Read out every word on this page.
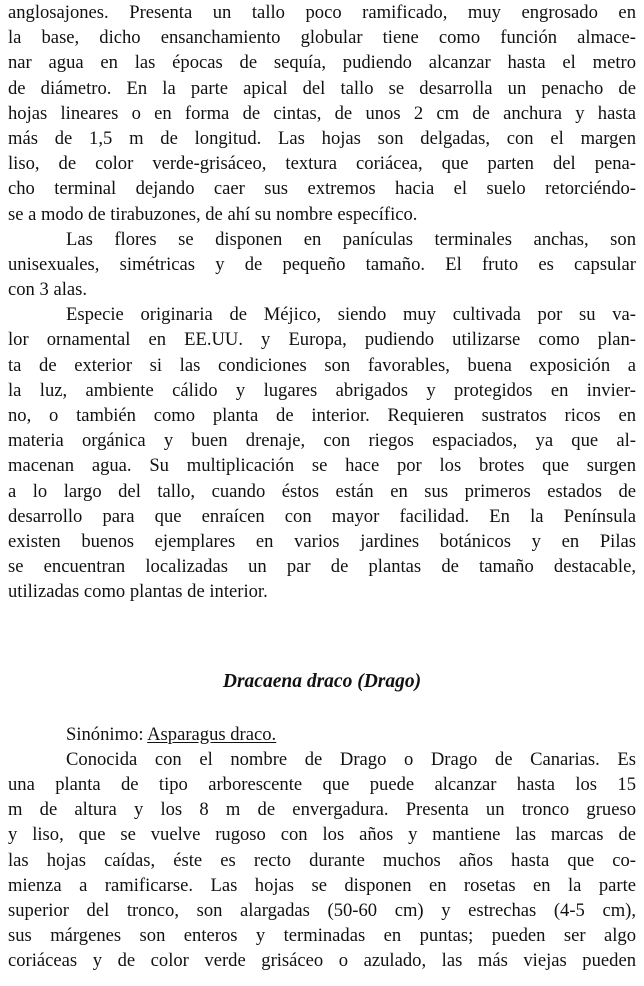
anglosajones. Presenta un tallo poco ramificado, muy engrosado en
la base, dicho ensanchamiento globular tiene como función almace-
nar agua en las épocas de sequía, pudiendo alcanzar hasta el metro
de diámetro. En la parte apical del tallo se desarrolla un penacho de
hojas lineares o en forma de cintas, de unos 2 cm de anchura y hasta
más de 1,5 m de longitud. Las hojas son delgadas, con el margen
liso, de color verde-grisáceo, textura coriácea, que parten del pena-
cho terminal dejando caer sus extremos hacia el suelo retorciéndo-
se a modo de tirabuzones, de ahí su nombre específico.
Las flores se disponen en panículas terminales anchas, son
unisexuales, simétricas y de pequeño tamaño. El fruto es capsular
con 3 alas.
Especie originaria de Méjico, siendo muy cultivada por su va-
lor ornamental en EE.UU. y Europa, pudiendo utilizarse como plan-
ta de exterior si las condiciones son favorables, buena exposición a
la luz, ambiente cálido y lugares abrigados y protegidos en invier-
no, o también como planta de interior. Requieren sustratos ricos en
materia orgánica y buen drenaje, con riegos espaciados, ya que al-
macenan agua. Su multiplicación se hace por los brotes que surgen
a lo largo del tallo, cuando éstos están en sus primeros estados de
desarrollo para que enraícen con mayor facilidad. En la Península
existen buenos ejemplares en varios jardines botánicos y en Pilas
se encuentran localizadas un par de plantas de tamaño destacable,
utilizadas como plantas de interior.
Dracaena draco (Drago)

Sinónimo: Asparagus draco.

Conocida con el nombre de Drago o Drago de Canarias. Es
una planta de tipo arborescente que puede alcanzar hasta los 15
m de altura y los 8 m de envergadura. Presenta un tronco grueso
y liso, que se vuelve rugoso con los años y mantiene las marcas de
las hojas caídas, éste es recto durante muchos años hasta que co-
mienza a ramificarse. Las hojas se disponen en rosetas en la parte
superior del tronco, son alargadas (50-60 cm) y estrechas (4-5 cm),
sus márgenes son enteros y terminadas en puntas; pueden ser algo
coriáceas y de color verde grisáceo o azulado, las más viejas pueden
